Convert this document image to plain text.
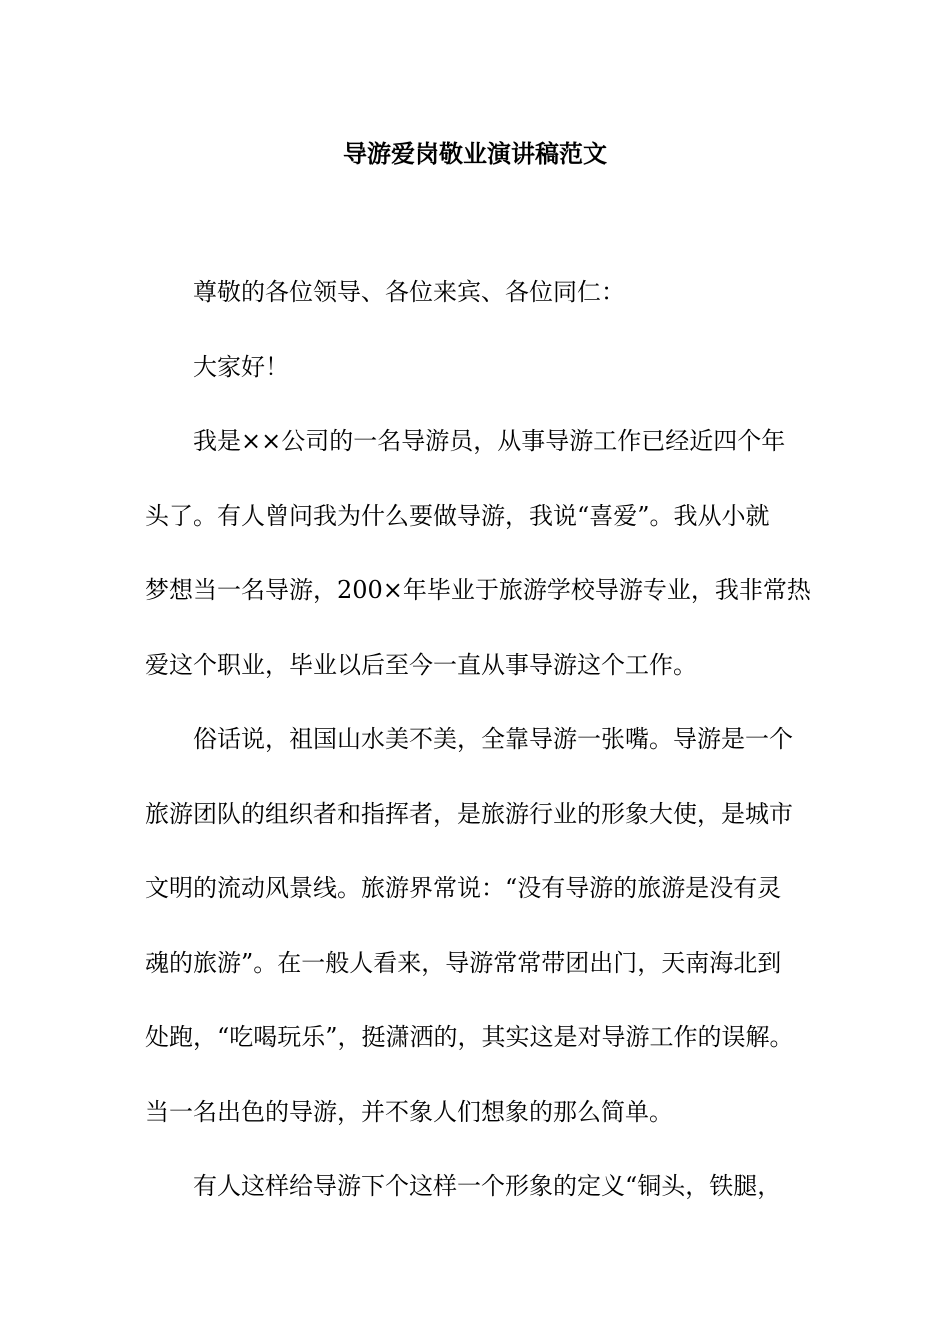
导游爱岗敬业演讲稿范文

尊敬的各位领导、各位来宾、各位同仁：

大家好！

我是××公司的一名导游员，从事导游工作已经近四个年
头了。有人曾问我为什么要做导游，我说“喜爱”。我从小就
梦想当一名导游，200×年毕业于旅游学校导游专业，我非常热
爱这个职业，毕业以后至今一直从事导游这个工作。

俗话说，祖国山水美不美，全靠导游一张嘴。导游是一个
旅游团队的组织者和指挥者，是旅游行业的形象大使，是城市
文明的流动风景线。旅游界常说：“没有导游的旅游是没有灵
魂的旅游”。在一般人看来，导游常常带团出门，天南海北到
处跑，“吃喝玩乐”，挺潇洒的，其实这是对导游工作的误解。
当一名出色的导游，并不象人们想象的那么简单。

有人这样给导游下个这样一个形象的定义“铜头，铁腿，
